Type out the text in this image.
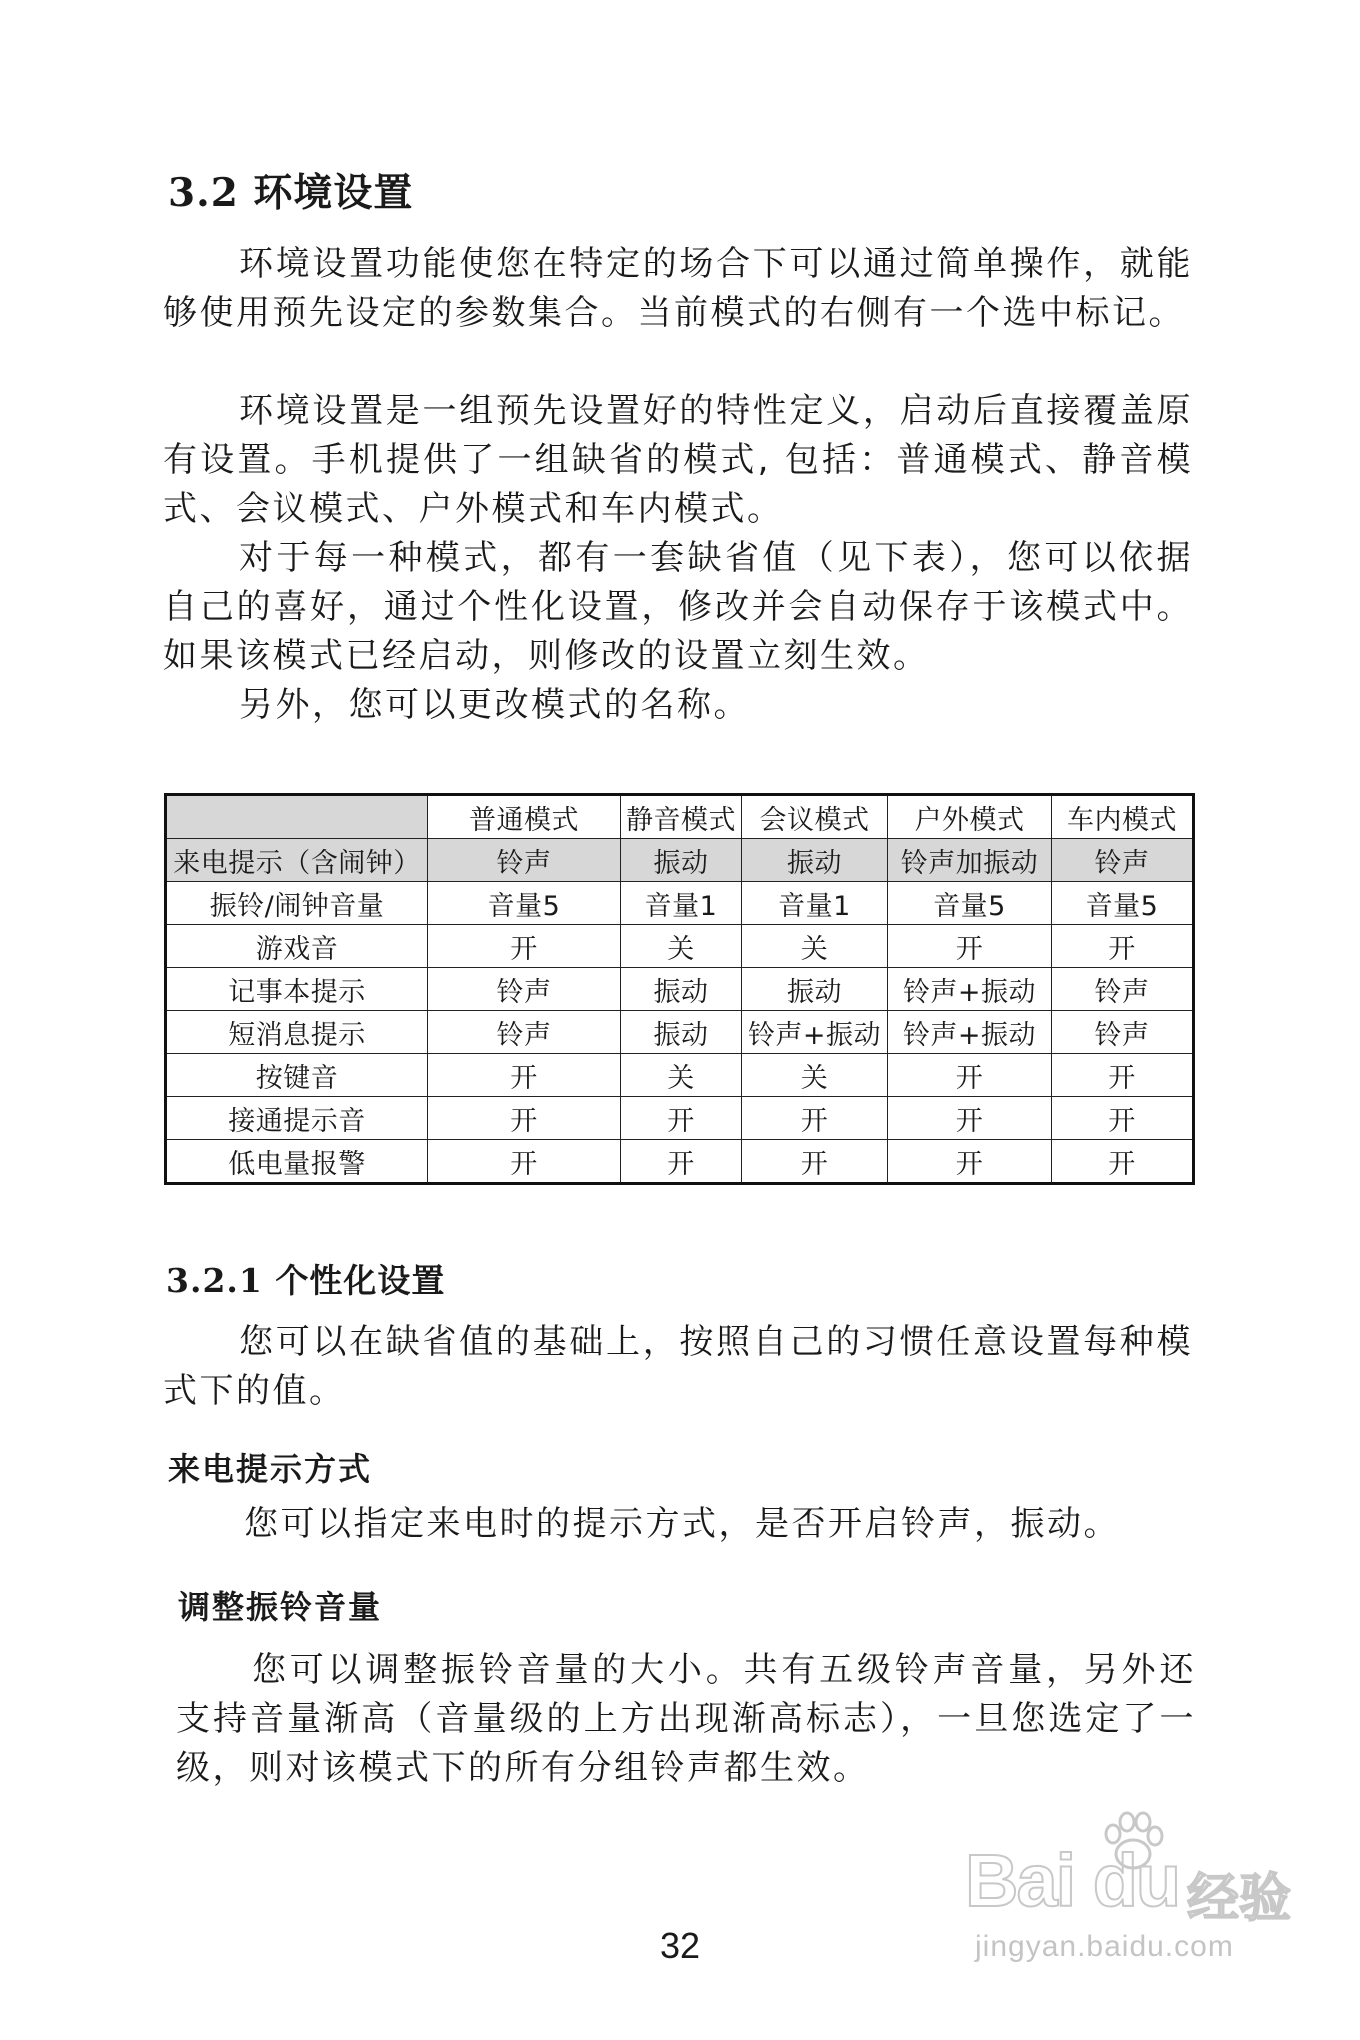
3.2 环境设置

环境设置功能使您在特定的场合下可以通过简单操作，就能够使用预先设定的参数集合。当前模式的右侧有一个选中标记。

环境设置是一组预先设置好的特性定义，启动后直接覆盖原有设置。手机提供了一组缺省的模式, 包括：普通模式、静音模式、会议模式、户外模式和车内模式。

对于每一种模式，都有一套缺省值（见下表），您可以依据自己的喜好，通过个性化设置，修改并会自动保存于该模式中。如果该模式已经启动，则修改的设置立刻生效。

另外，您可以更改模式的名称。

	普通模式	静音模式	会议模式	户外模式	车内模式
来电提示（含闹钟）	铃声	振动	振动	铃声加振动	铃声
振铃/闹钟音量	音量5	音量1	音量1	音量5	音量5
游戏音	开	关	关	开	开
记事本提示	铃声	振动	振动	铃声+振动	铃声
短消息提示	铃声	振动	铃声+振动	铃声+振动	铃声
按键音	开	关	关	开	开
接通提示音	开	开	开	开	开
低电量报警	开	开	开	开	开
3.2.1 个性化设置

您可以在缺省值的基础上，按照自己的习惯任意设置每种模式下的值。

来电提示方式

您可以指定来电时的提示方式，是否开启铃声，振动。

调整振铃音量

您可以调整振铃音量的大小。共有五级铃声音量，另外还支持音量渐高（音量级的上方出现渐高标志），一旦您选定了一级，则对该模式下的所有分组铃声都生效。

32
Bai du 经验
jingyan.baidu.com
